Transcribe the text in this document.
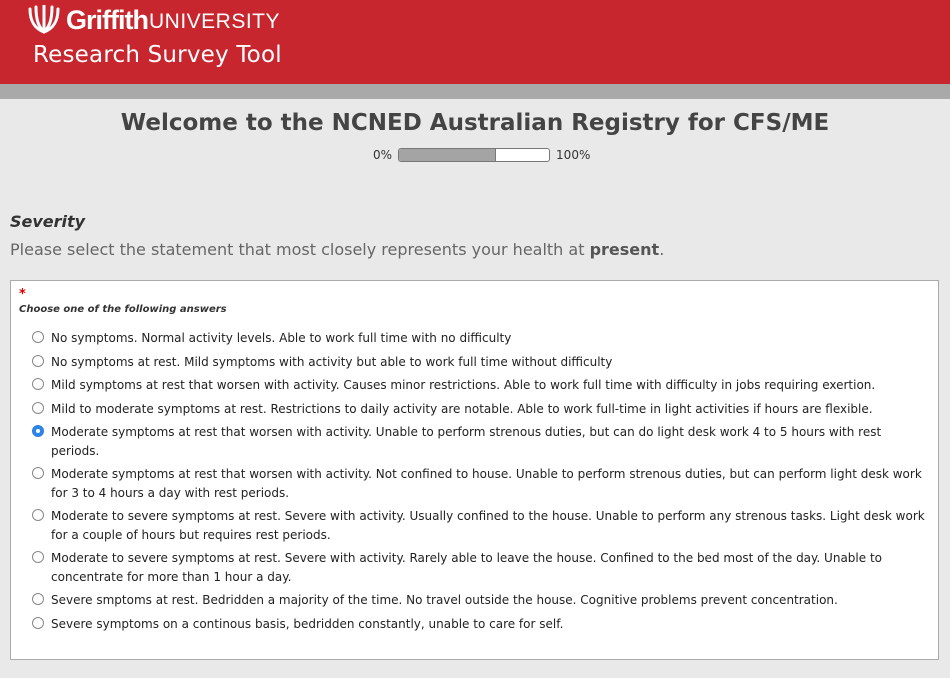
Griffith UNIVERSITY
Research Survey Tool
Welcome to the NCNED Australian Registry for CFS/ME
0%	100%
Severity
Please select the statement that most closely represents your health at present.
*
Choose one of the following answers
No symptoms. Normal activity levels. Able to work full time with no difficulty
No symptoms at rest. Mild symptoms with activity but able to work full time without difficulty
Mild symptoms at rest that worsen with activity. Causes minor restrictions. Able to work full time with difficulty in jobs requiring exertion.
Mild to moderate symptoms at rest. Restrictions to daily activity are notable. Able to work full-time in light activities if hours are flexible.
Moderate symptoms at rest that worsen with activity. Unable to perform strenous duties, but can do light desk work 4 to 5 hours with rest periods.
Moderate symptoms at rest that worsen with activity. Not confined to house. Unable to perform strenous duties, but can perform light desk work for 3 to 4 hours a day with rest periods.
Moderate to severe symptoms at rest. Severe with activity. Usually confined to the house. Unable to perform any strenous tasks. Light desk work for a couple of hours but requires rest periods.
Moderate to severe symptoms at rest. Severe with activity. Rarely able to leave the house. Confined to the bed most of the day. Unable to concentrate for more than 1 hour a day.
Severe smptoms at rest. Bedridden a majority of the time. No travel outside the house. Cognitive problems prevent concentration.
Severe symptoms on a continous basis, bedridden constantly, unable to care for self.
